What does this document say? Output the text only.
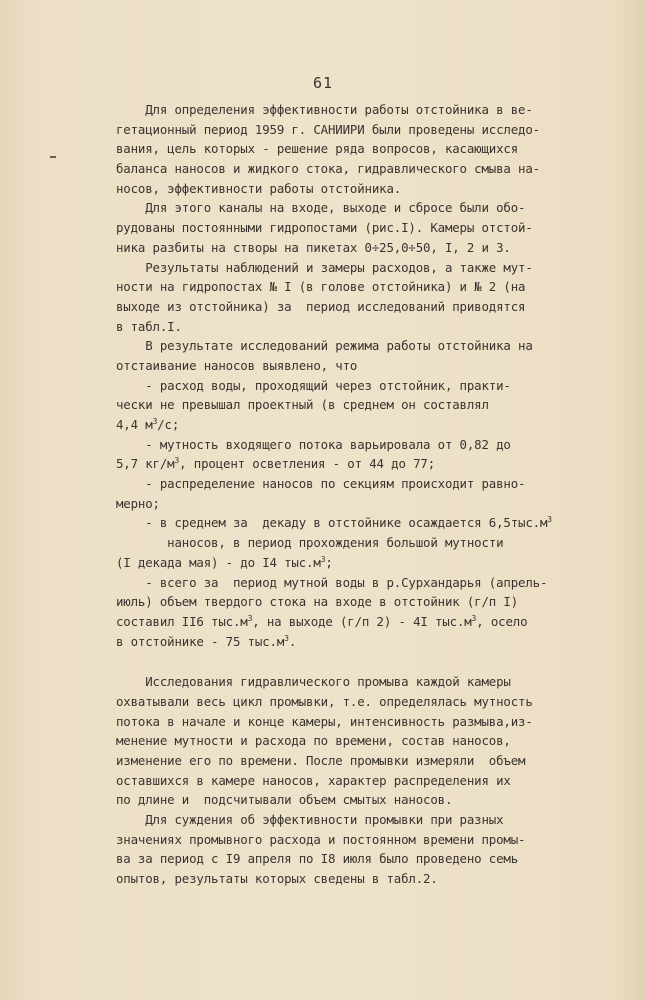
61
Для определения эффективности работы отстойника в ве-
гетационный период 1959 г. САНИИРИ были проведены исследо-
вания, цель которых - решение ряда вопросов, касающихся
баланса наносов и жидкого стока, гидравлического смыва на-
носов, эффективности работы отстойника.
Для этого каналы на входе, выходе и сбросе были обо-
рудованы постоянными гидропостами (рис.I). Камеры отстой-
ника разбиты на створы на пикетах 0÷25,0÷50, I, 2 и 3.
Результаты наблюдений и замеры расходов, а также мут-
ности на гидропостах № I (в голове отстойника) и № 2 (на
выходе из отстойника) за  период исследований приводятся
в табл.I.
В результате исследований режима работы отстойника на
отстаивание наносов выявлено, что
- расход воды, проходящий через отстойник, практи-
чески не превышал проектный (в среднем он составлял
4,4 $м^3/с$;
- мутность входящего потока варьировала от 0,82 до
5,7 $кг/м^3$, процент осветления - от 44 до 77;
- распределение наносов по секциям происходит равно-
мерно;
- в среднем за  декаду в отстойнике осаждается $6,5тыс.м^3$
наносов, в период прохождения большой мутности
(I декада мая) - до I4 $тыс.м^3$;
- всего за  период мутной воды в р.Сурхандарья (апрель-
июль) объем твердого стока на входе в отстойник (г/п I)
составил II6 $тыс.м^3$, на выходе (г/п 2) - 4I $тыс.м^3$, осело
в отстойнике - 75 $тыс.м^3$.
Исследования гидравлического промыва каждой камеры
охватывали весь цикл промывки, т.е. определялась мутность
потока в начале и конце камеры, интенсивность размыва,из-
менение мутности и расхода по времени, состав наносов,
изменение его по времени. После промывки измеряли  объем
оставшихся в камере наносов, характер распределения их
по длине и  подсчитывали объем смытых наносов.
Для суждения об эффективности промывки при разных
значениях промывного расхода и постоянном времени промы-
ва за период с I9 апреля по I8 июля было проведено семь
опытов, результаты которых сведены в табл.2.
